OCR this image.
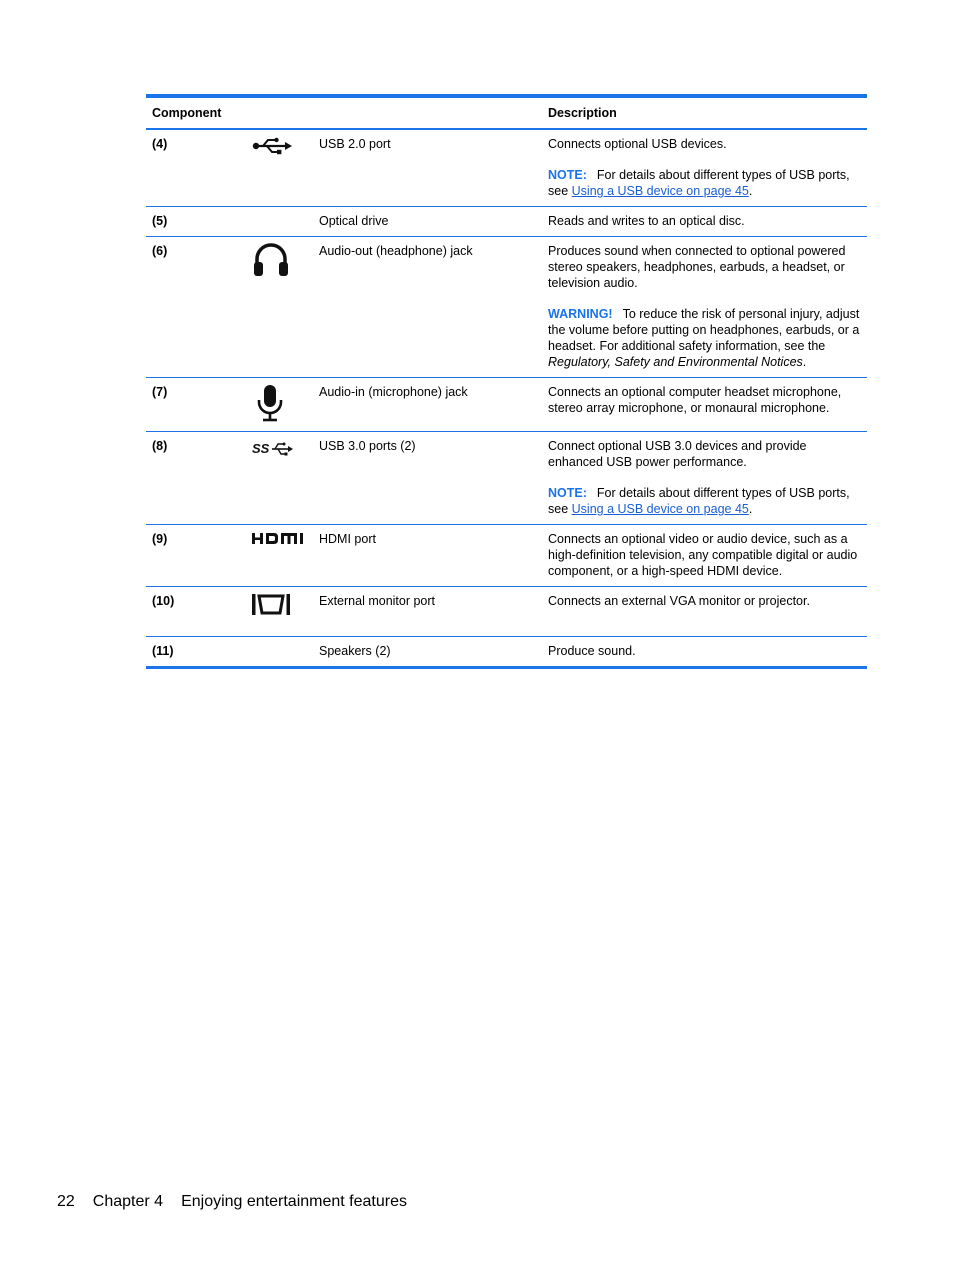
Component			Description
(4)		USB 2.0 port	Connects optional USB devices.

NOTE: For details about different types of USB ports, see Using a USB device on page 45.

(5)		Optical drive	Reads and writes to an optical disc.
(6)		Audio-out (headphone) jack	Produces sound when connected to optional powered stereo speakers, headphones, earbuds, a headset, or television audio.

WARNING! To reduce the risk of personal injury, adjust the volume before putting on headphones, earbuds, or a headset. For additional safety information, see the Regulatory, Safety and Environmental Notices.

(7)		Audio-in (microphone) jack	Connects an optional computer headset microphone, stereo array microphone, or monaural microphone.
(8)	SS	USB 3.0 ports (2)	Connect optional USB 3.0 devices and provide enhanced USB power performance.

NOTE: For details about different types of USB ports, see Using a USB device on page 45.

(9)		HDMI port	Connects an optional video or audio device, such as a high-definition television, any compatible digital or audio component, or a high-speed HDMI device.
(10)		External monitor port	Connects an external VGA monitor or projector.
(11)		Speakers (2)	Produce sound.
22 Chapter 4 Enjoying entertainment features
